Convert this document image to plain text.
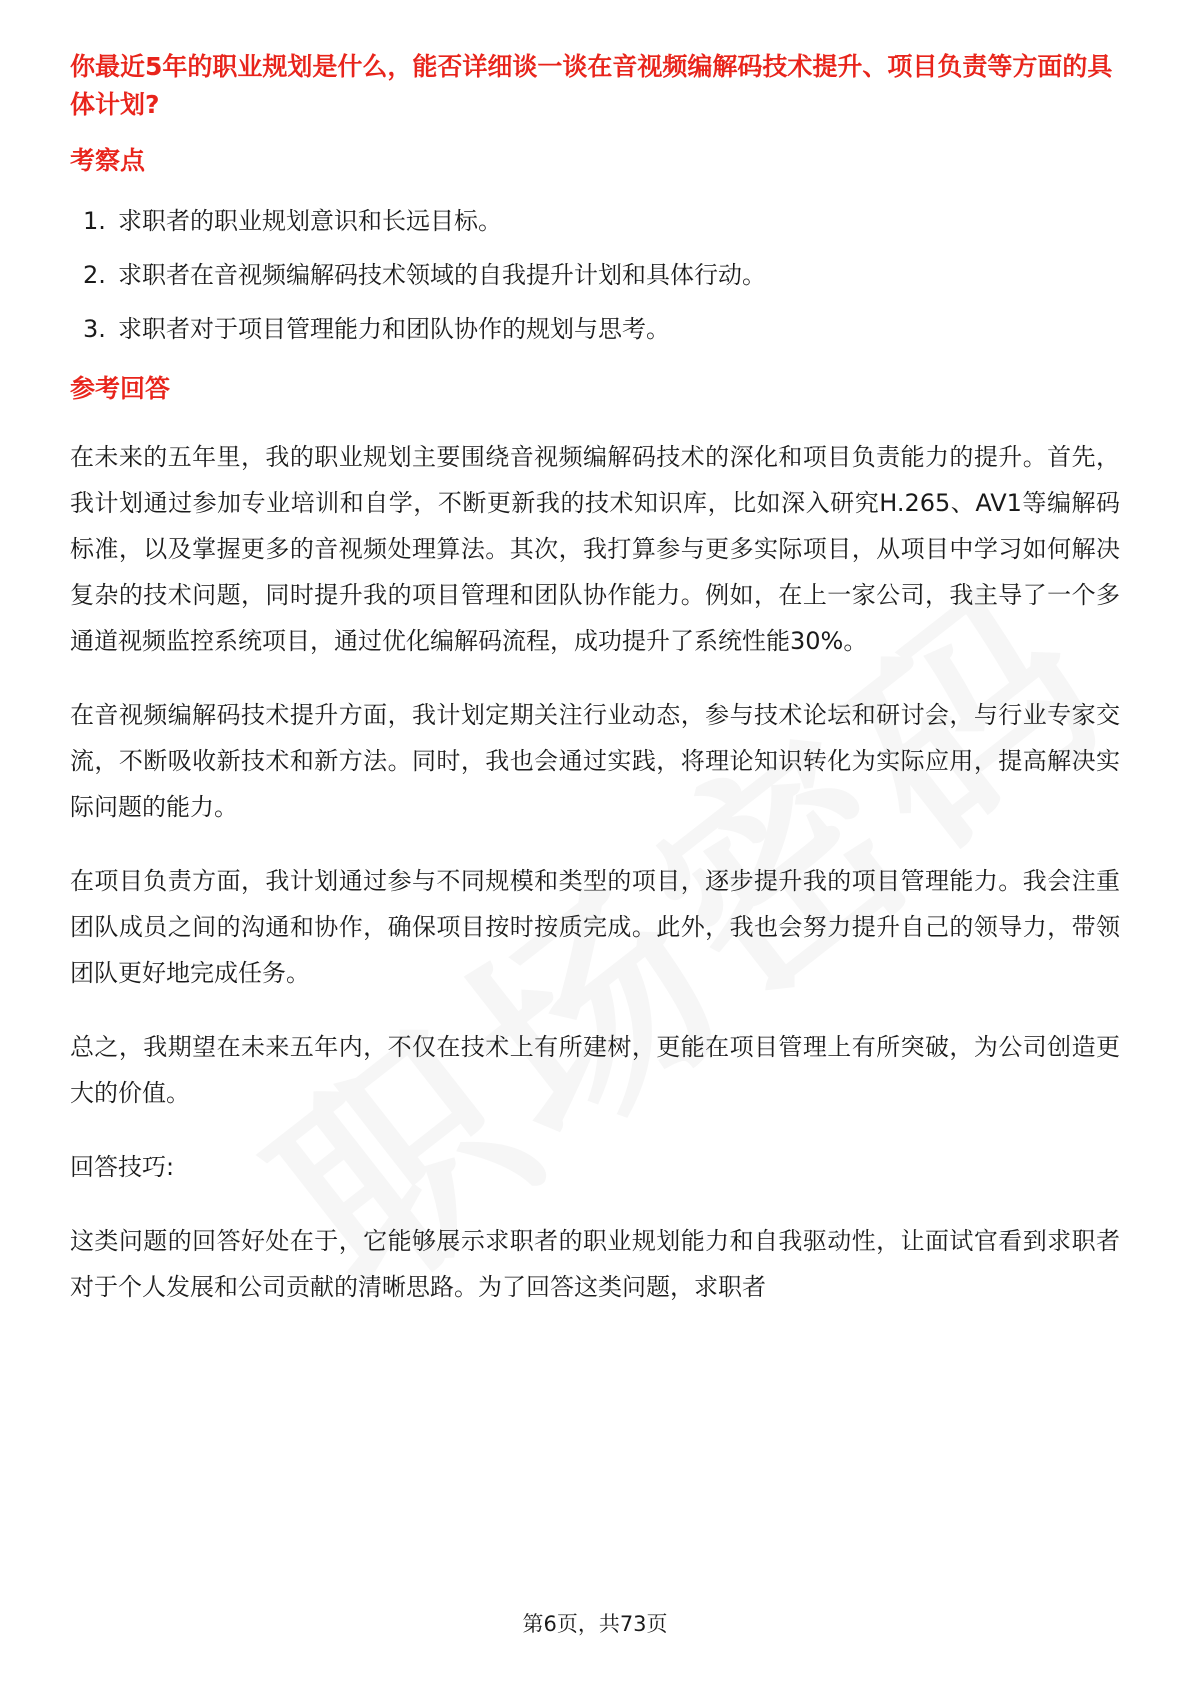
你最近5年的职业规划是什么，能否详细谈一谈在音视频编解码技术提升、项目负责等方面的具体计划?

考察点

1. 求职者的职业规划意识和长远目标。
2. 求职者在音视频编解码技术领域的自我提升计划和具体行动。
3. 求职者对于项目管理能力和团队协作的规划与思考。

参考回答

在未来的五年里，我的职业规划主要围绕音视频编解码技术的深化和项目负责能力的提升。首先，我计划通过参加专业培训和自学，不断更新我的技术知识库，比如深入研究H.265、AV1等编解码标准，以及掌握更多的音视频处理算法。其次，我打算参与更多实际项目，从项目中学习如何解决复杂的技术问题，同时提升我的项目管理和团队协作能力。例如，在上一家公司，我主导了一个多通道视频监控系统项目，通过优化编解码流程，成功提升了系统性能30%。

在音视频编解码技术提升方面，我计划定期关注行业动态，参与技术论坛和研讨会，与行业专家交流，不断吸收新技术和新方法。同时，我也会通过实践，将理论知识转化为实际应用，提高解决实际问题的能力。

在项目负责方面，我计划通过参与不同规模和类型的项目，逐步提升我的项目管理能力。我会注重团队成员之间的沟通和协作，确保项目按时按质完成。此外，我也会努力提升自己的领导力，带领团队更好地完成任务。

总之，我期望在未来五年内，不仅在技术上有所建树，更能在项目管理上有所突破，为公司创造更大的价值。

回答技巧:

这类问题的回答好处在于，它能够展示求职者的职业规划能力和自我驱动性，让面试官看到求职者对于个人发展和公司贡献的清晰思路。为了回答这类问题，求职者

第6页，共73页
